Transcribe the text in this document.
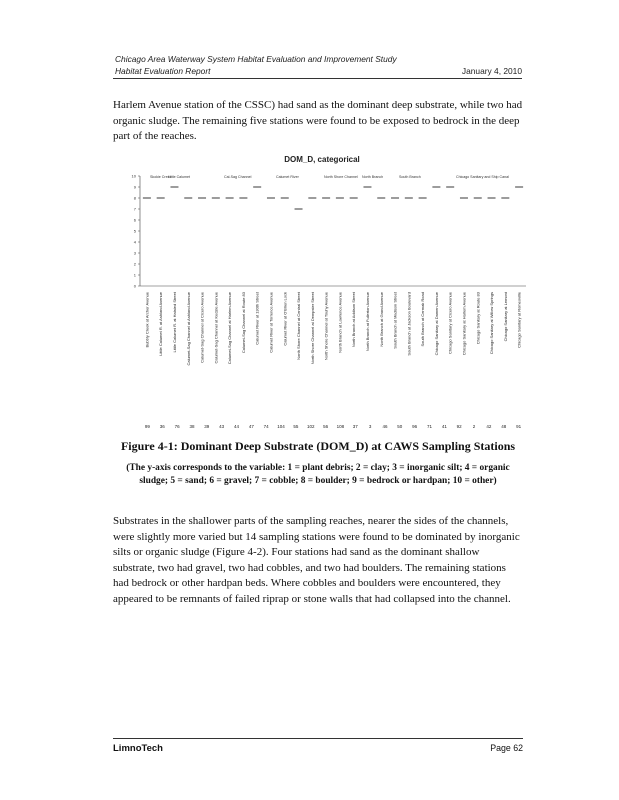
Chicago Area Waterway System Habitat Evaluation and Improvement Study
Habitat Evaluation Report	January 4, 2010

Harlem Avenue station of the CSSC) had sand as the dominant deep substrate, while two had organic sludge. The remaining five stations were found to be exposed to bedrock in the deep part of the reaches.

DOM_D, categorical
Skokie Creek
Little Calumet	Cal-Sag Channel	Calumet River	North Shore Channel North Branch	South Branch	Chicago Sanitary and Ship Canal
10
9
8
7
6
5
4
3
2
1
0
Bubbly Creek at Archer Avenue Little Calumet R. at Ashland Avenue Little Calumet R. at Halsted Street Calumet-Sag Channel at Ashland Avenue Calumet-Sag Channel at Cicero Avenue Calumet-Sag Channel at Kedzie Avenue Calumet-Sag Channel at Harlem Avenue Calumet-Sag Channel at Route 83 Calumet River at 130th Street Calumet River at Torrence Avenue Calumet River at O'Brien Lock North Shore Channel at Central Street North Shore Channel at Dempster Street North Shore Channel at Touhy Avenue North Branch at Lawrence Avenue North Branch at Addison Street North Branch at Fullerton Avenue North Branch at Grand Avenue South Branch at Madison Street South Branch at Jackson Boulevard South Branch at Cermak Road Chicago Sanitary at Damen Avenue Chicago Sanitary at Cicero Avenue Chicago Sanitary at Harlem Avenue Chicago Sanitary at Route 83 Chicago Sanitary at Willow Springs Chicago Sanitary at Lemont Chicago Sanitary at Romeoville
99 36 76 38 39 43 44 47 74 104 55 102 56 108 37 3 46 50 96 71 41 92 2 42 48 91

Figure 4-1: Dominant Deep Substrate (DOM_D) at CAWS Sampling Stations

(The y-axis corresponds to the variable: 1 = plant debris; 2 = clay; 3 = inorganic silt; 4 = organic sludge; 5 = sand; 6 = gravel; 7 = cobble; 8 = boulder; 9 = bedrock or hardpan; 10 = other)

Substrates in the shallower parts of the sampling reaches, nearer the sides of the channels, were slightly more varied but 14 sampling stations were found to be dominated by inorganic silts or organic sludge (Figure 4-2). Four stations had sand as the dominant shallow substrate, two had gravel, two had cobbles, and two had boulders. The remaining stations had bedrock or other hardpan beds. Where cobbles and boulders were encountered, they appeared to be remnants of failed riprap or stone walls that had collapsed into the channel.

LimnoTech	Page 62
